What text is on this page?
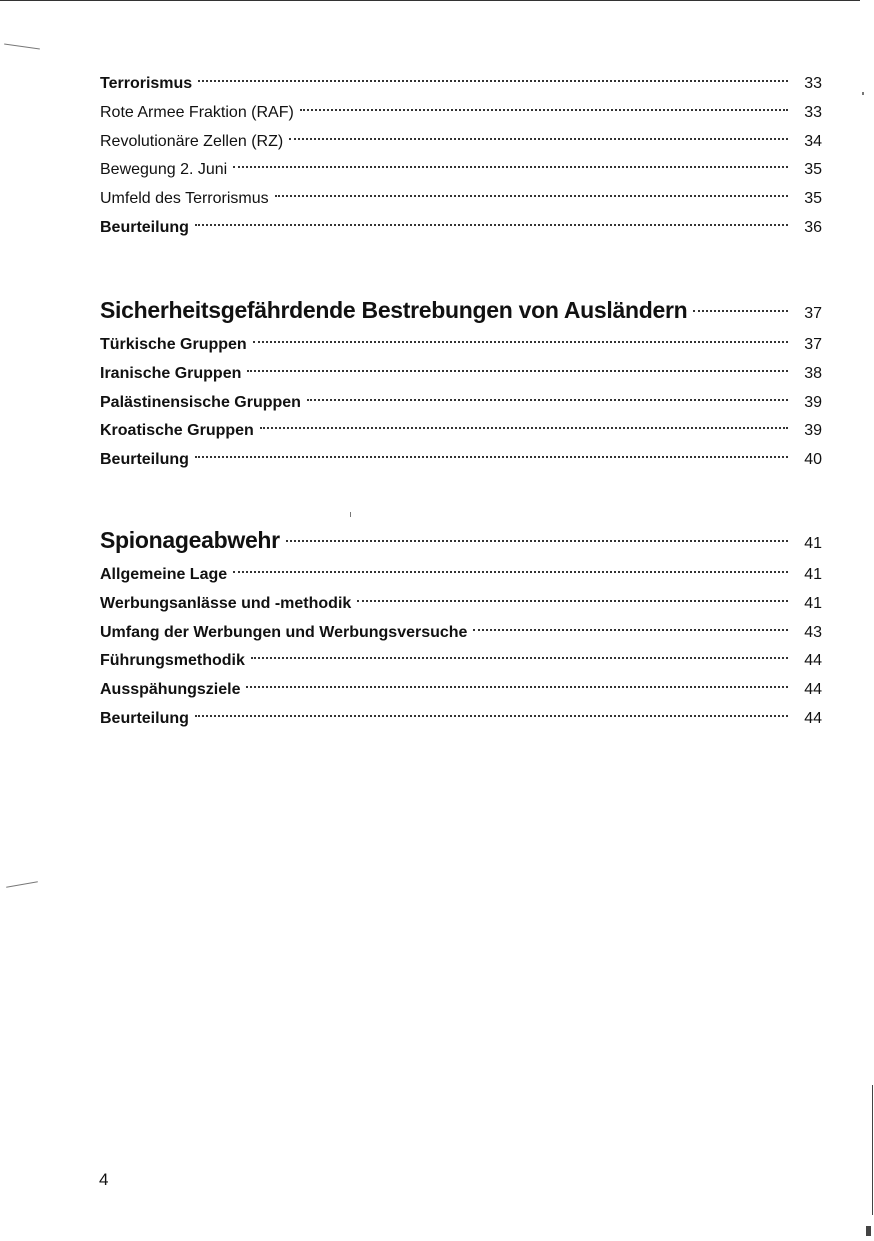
Terrorismus	33
Rote Armee Fraktion (RAF)	33
Revolutionäre Zellen (RZ)	34
Bewegung 2. Juni	35
Umfeld des Terrorismus	35
Beurteilung	36
Sicherheitsgefährdende Bestrebungen von Ausländern	37
Türkische Gruppen	37
Iranische Gruppen	38
Palästinensische Gruppen	39
Kroatische Gruppen	39
Beurteilung	40
Spionageabwehr	41
Allgemeine Lage	41
Werbungsanlässe und -methodik	41
Umfang der Werbungen und Werbungsversuche	43
Führungsmethodik	44
Ausspähungsziele	44
Beurteilung	44
4
